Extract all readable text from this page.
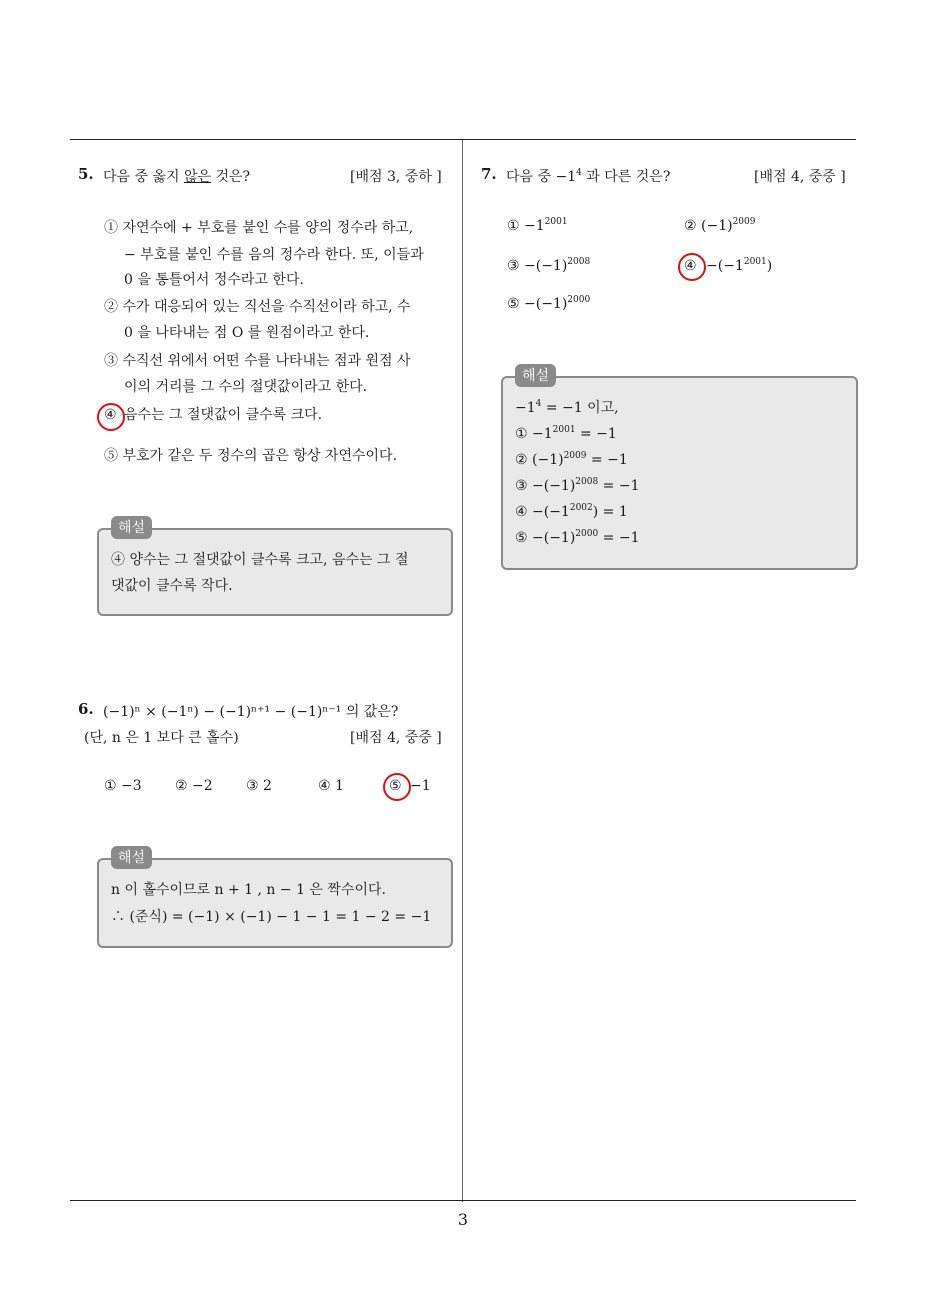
3
5. 다음 중 옳지 않은 것은?	[배점 3, 중하 ]
① 자연수에 + 부호를 붙인 수를 양의 정수라 하고,
− 부호를 붙인 수를 음의 정수라 한다. 또, 이들과
0 을 통틀어서 정수라고 한다.
② 수가 대응되어 있는 직선을 수직선이라 하고, 수
0 을 나타내는 점 O 를 원점이라고 한다.
③ 수직선 위에서 어떤 수를 나타내는 점과 원점 사
이의 거리를 그 수의 절댓값이라고 한다.
④ 음수는 그 절댓값이 클수록 크다.
⑤ 부호가 같은 두 정수의 곱은 항상 자연수이다.
④ 양수는 그 절댓값이 클수록 크고, 음수는 그 절
댓값이 클수록 작다.
해설
6. (−1)ⁿ × (−1ⁿ) − (−1)ⁿ⁺¹ − (−1)ⁿ⁻¹ 의 값은?
(단, n 은 1 보다 큰 홀수)	[배점 4, 중중 ]
① −3 ② −2 ③ 2	④ 1	⑤ −1
n 이 홀수이므로 n + 1 , n − 1 은 짝수이다.
∴ (준식) = (−1) × (−1) − 1 − 1 = 1 − 2 = −1
해설
7. 다음 중 $-1^4$ 과 다른 것은?	[배점 4, 중중 ]
① $-1^{2001}$	② $(-1)^{2009}$
③ $-(-1)^{2008}$	④ $-(-1^{2001})$
⑤ $-(-1)^{2000}$
$-1^4 = -1$ 이고,
① $-1^{2001} = -1$
② $(-1)^{2009} = -1$
③ $-(-1)^{2008} = -1$
④ $-(-1^{2002}) = 1$
⑤ $-(-1)^{2000} = -1$
해설
